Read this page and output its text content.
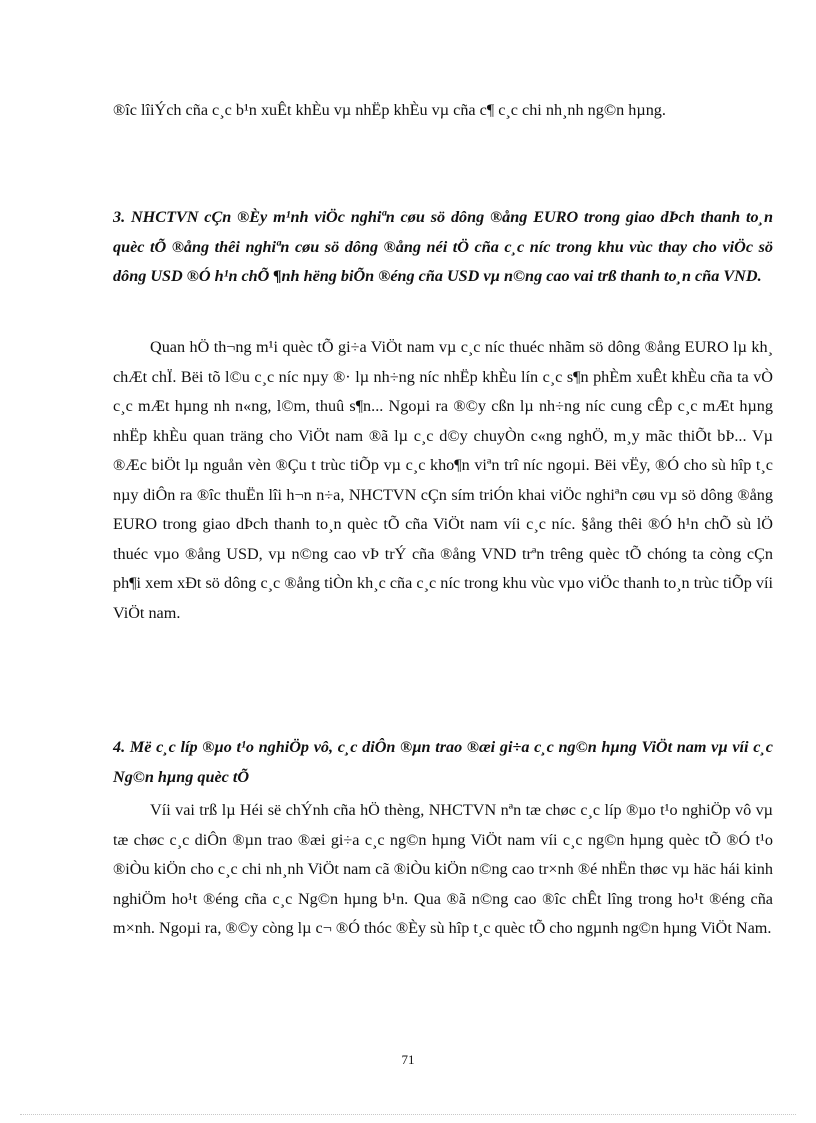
®îc lîiÝch cña c¸c b¹n xuÊt khÈu vµ nhËp khÈu vµ cña c¶ c¸c chi nh¸nh ng©n hµng.

3. NHCTVN cÇn ®Èy m¹nh viÖc nghiªn cøu sö dông ®ång EURO trong giao dÞch thanh to¸n quèc tÕ ®ång thêi nghiªn cøu sö dông ®ång néi tÖ cña c¸c níc trong khu vùc thay cho viÖc sö dông USD ®Ó h¹n chÕ ¶nh hëng biÕn ®éng cña USD vµ n©ng cao vai trß thanh to¸n cña VND.

Quan hÖ th¬ng m¹i quèc tÕ gi÷a ViÖt nam vµ c¸c níc thuéc nhãm sö dông ®ång EURO lµ kh¸ chÆt chÏ. Bëi tõ l©u c¸c níc nµy ®· lµ nh÷ng níc nhËp khÈu lín c¸c s¶n phÈm xuÊt khÈu cña ta vÒ c¸c mÆt hµng nh n«ng, l©m, thuû s¶n... Ngoµi ra ®©y cßn lµ nh÷ng níc cung cÊp c¸c mÆt hµng nhËp khÈu quan träng cho ViÖt nam ®ã lµ c¸c d©y chuyÒn c«ng nghÖ, m¸y mãc thiÕt bÞ... Vµ ®Æc biÖt lµ nguån vèn ®Çu t trùc tiÕp vµ c¸c kho¶n viªn trî níc ngoµi. Bëi vËy, ®Ó cho sù hîp t¸c nµy diÔn ra ®îc thuËn lîi h¬n n÷a, NHCTVN cÇn sím triÓn khai viÖc nghiªn cøu vµ sö dông ®ång EURO trong giao dÞch thanh to¸n quèc tÕ cña ViÖt nam víi c¸c níc. §ång thêi ®Ó h¹n chÕ sù lÖ thuéc vµo ®ång USD, vµ n©ng cao vÞ trÝ cña ®ång VND trªn trêng quèc tÕ chóng ta còng cÇn ph¶i xem xÐt sö dông c¸c ®ång tiÒn kh¸c cña c¸c níc trong khu vùc vµo viÖc thanh to¸n trùc tiÕp víi ViÖt nam.

4. Më c¸c líp ®µo t¹o nghiÖp vô, c¸c diÔn ®µn trao ®æi gi÷a c¸c ng©n hµng ViÖt nam vµ víi c¸c Ng©n hµng quèc tÕ

Víi vai trß lµ Héi së chÝnh cña hÖ thèng, NHCTVN nªn tæ chøc c¸c líp ®µo t¹o nghiÖp vô vµ tæ chøc c¸c diÔn ®µn trao ®æi gi÷a c¸c ng©n hµng ViÖt nam víi c¸c ng©n hµng quèc tÕ ®Ó t¹o ®iÒu kiÖn cho c¸c chi nh¸nh ViÖt nam cã ®iÒu kiÖn n©ng cao tr×nh ®é nhËn thøc vµ häc hái kinh nghiÖm ho¹t ®éng cña c¸c Ng©n hµng b¹n. Qua ®ã n©ng cao ®îc chÊt lîng trong ho¹t ®éng cña m×nh. Ngoµi ra, ®©y còng lµ c¬ ®Ó thóc ®Èy sù hîp t¸c quèc tÕ cho ngµnh ng©n hµng ViÖt Nam.

71
